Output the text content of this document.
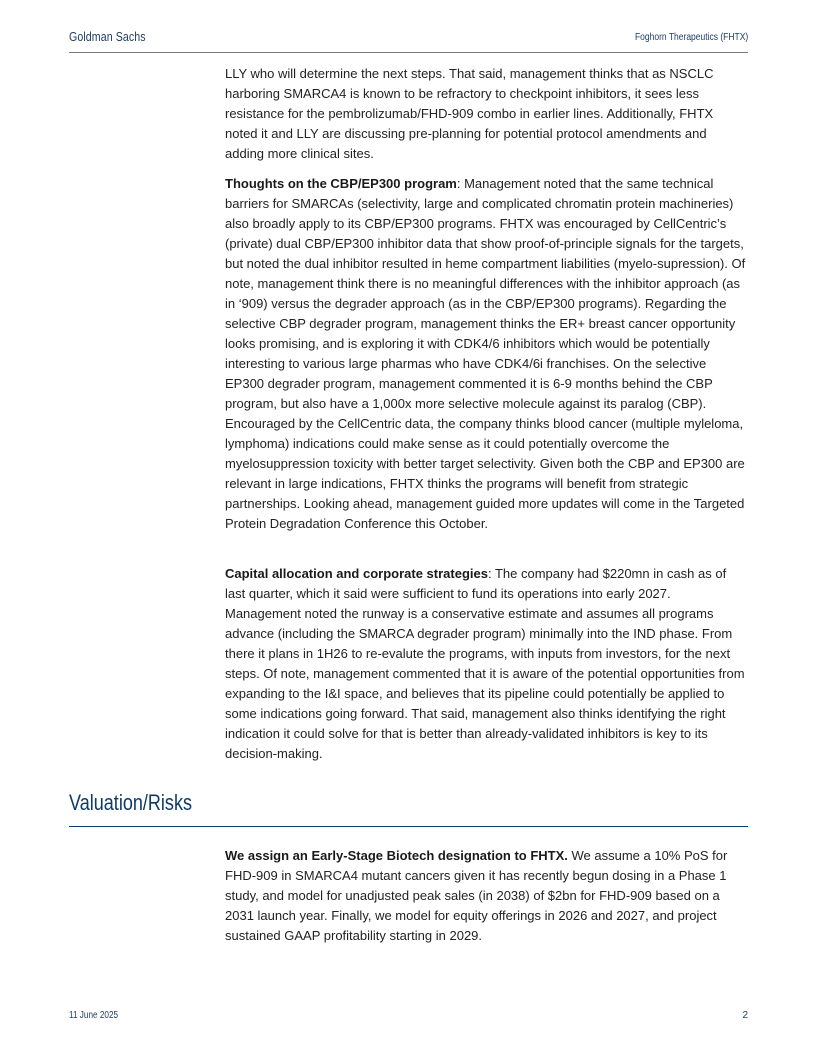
Goldman Sachs	Foghorn Therapeutics (FHTX)

LLY who will determine the next steps. That said, management thinks that as NSCLC harboring SMARCA4 is known to be refractory to checkpoint inhibitors, it sees less resistance for the pembrolizumab/FHD-909 combo in earlier lines. Additionally, FHTX noted it and LLY are discussing pre-planning for potential protocol amendments and adding more clinical sites.

Thoughts on the CBP/EP300 program: Management noted that the same technical barriers for SMARCAs (selectivity, large and complicated chromatin protein machineries) also broadly apply to its CBP/EP300 programs. FHTX was encouraged by CellCentric’s (private) dual CBP/EP300 inhibitor data that show proof-of-principle signals for the targets, but noted the dual inhibitor resulted in heme compartment liabilities (myelo-supression). Of note, management think there is no meaningful differences with the inhibitor approach (as in ‘909) versus the degrader approach (as in the CBP/EP300 programs). Regarding the selective CBP degrader program, management thinks the ER+ breast cancer opportunity looks promising, and is exploring it with CDK4/6 inhibitors which would be potentially interesting to various large pharmas who have CDK4/6i franchises. On the selective EP300 degrader program, management commented it is 6-9 months behind the CBP program, but also have a 1,000x more selective molecule against its paralog (CBP). Encouraged by the CellCentric data, the company thinks blood cancer (multiple myleloma, lymphoma) indications could make sense as it could potentially overcome the myelosuppression toxicity with better target selectivity. Given both the CBP and EP300 are relevant in large indications, FHTX thinks the programs will benefit from strategic partnerships. Looking ahead, management guided more updates will come in the Targeted Protein Degradation Conference this October.

Capital allocation and corporate strategies: The company had $220mn in cash as of last quarter, which it said were sufficient to fund its operations into early 2027. Management noted the runway is a conservative estimate and assumes all programs advance (including the SMARCA degrader program) minimally into the IND phase. From there it plans in 1H26 to re-evalute the programs, with inputs from investors, for the next steps. Of note, management commented that it is aware of the potential opportunities from expanding to the I&I space, and believes that its pipeline could potentially be applied to some indications going forward. That said, management also thinks identifying the right indication it could solve for that is better than already-validated inhibitors is key to its decision-making.

Valuation/Risks

We assign an Early-Stage Biotech designation to FHTX. We assume a 10% PoS for FHD-909 in SMARCA4 mutant cancers given it has recently begun dosing in a Phase 1 study, and model for unadjusted peak sales (in 2038) of $2bn for FHD-909 based on a 2031 launch year. Finally, we model for equity offerings in 2026 and 2027, and project sustained GAAP profitability starting in 2029.

11 June 2025	2
